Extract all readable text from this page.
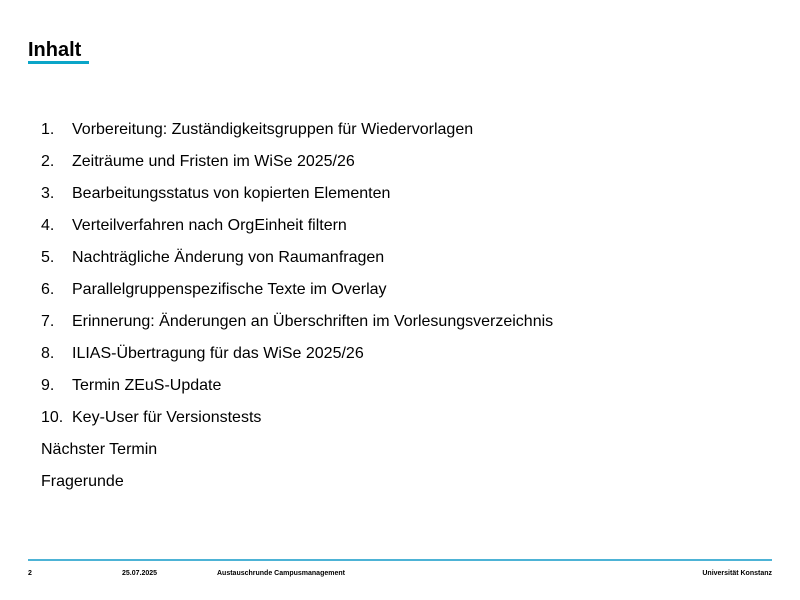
Inhalt
1.	Vorbereitung: Zuständigkeitsgruppen für Wiedervorlagen
2.	Zeiträume und Fristen im WiSe 2025/26
3.	Bearbeitungsstatus von kopierten Elementen
4.	Verteilverfahren nach OrgEinheit filtern
5.	Nachträgliche Änderung von Raumanfragen
6.	Parallelgruppenspezifische Texte im Overlay
7.	Erinnerung: Änderungen an Überschriften im Vorlesungsverzeichnis
8.	ILIAS-Übertragung für das WiSe 2025/26
9.	Termin ZEuS-Update
10. Key-User für Versionstests
Nächster Termin
Fragerunde
2	25.07.2025	Austauschrunde Campusmanagement	Universität Konstanz
